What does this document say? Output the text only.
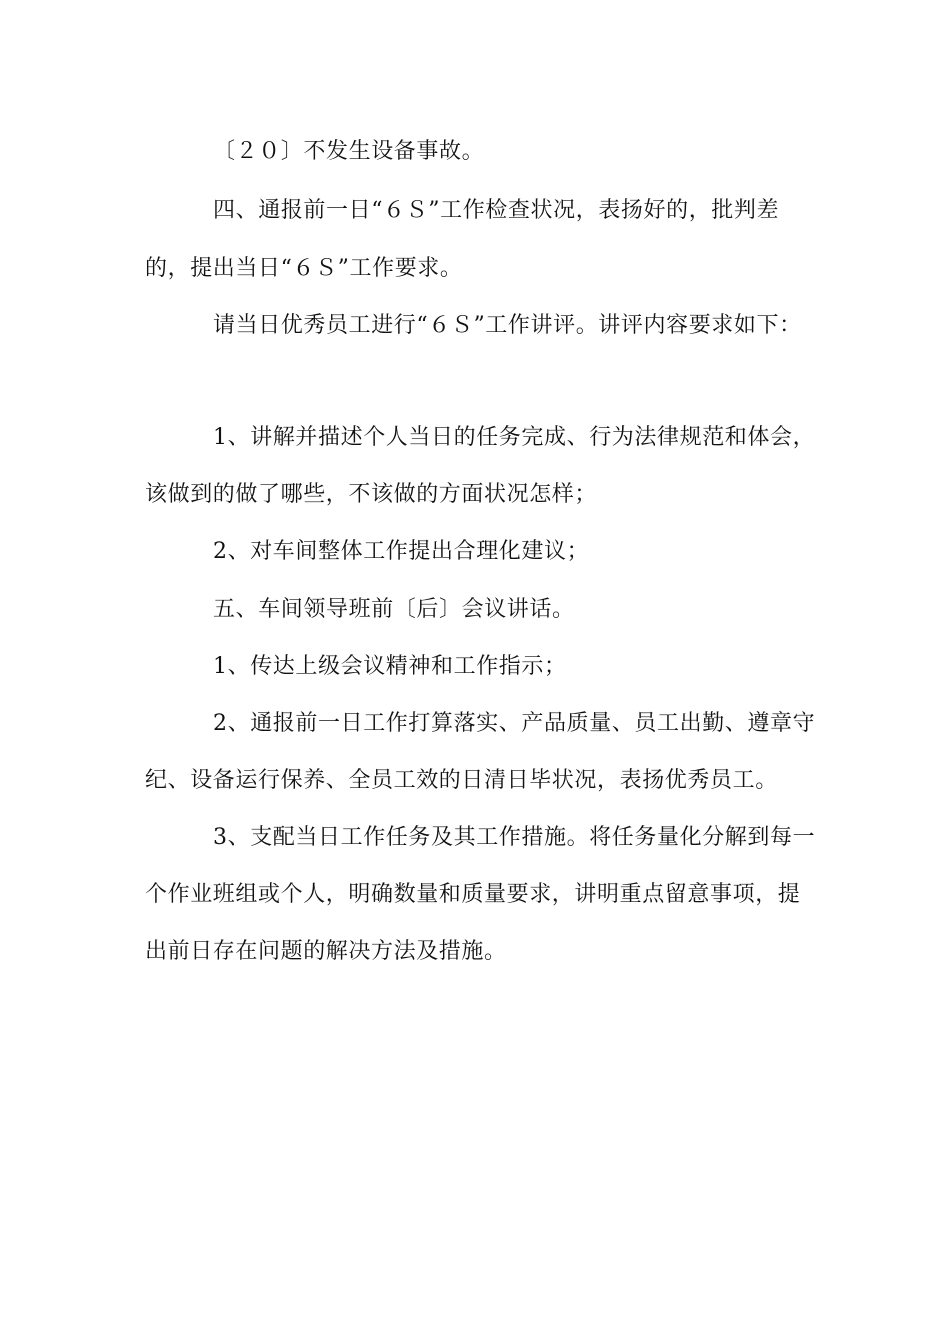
〔２０〕不发生设备事故。
四、通报前一日“６Ｓ”工作检查状况，表扬好的，批判差
的，提出当日“６Ｓ”工作要求。
请当日优秀员工进行“６Ｓ”工作讲评。讲评内容要求如下：
1、讲解并描述个人当日的任务完成、行为法律规范和体会，
该做到的做了哪些，不该做的方面状况怎样；
2、对车间整体工作提出合理化建议；
五、车间领导班前〔后〕会议讲话。
1、传达上级会议精神和工作指示；
2、通报前一日工作打算落实、产品质量、员工出勤、遵章守
纪、设备运行保养、全员工效的日清日毕状况，表扬优秀员工。
3、支配当日工作任务及其工作措施。将任务量化分解到每一
个作业班组或个人，明确数量和质量要求，讲明重点留意事项，提
出前日存在问题的解决方法及措施。
